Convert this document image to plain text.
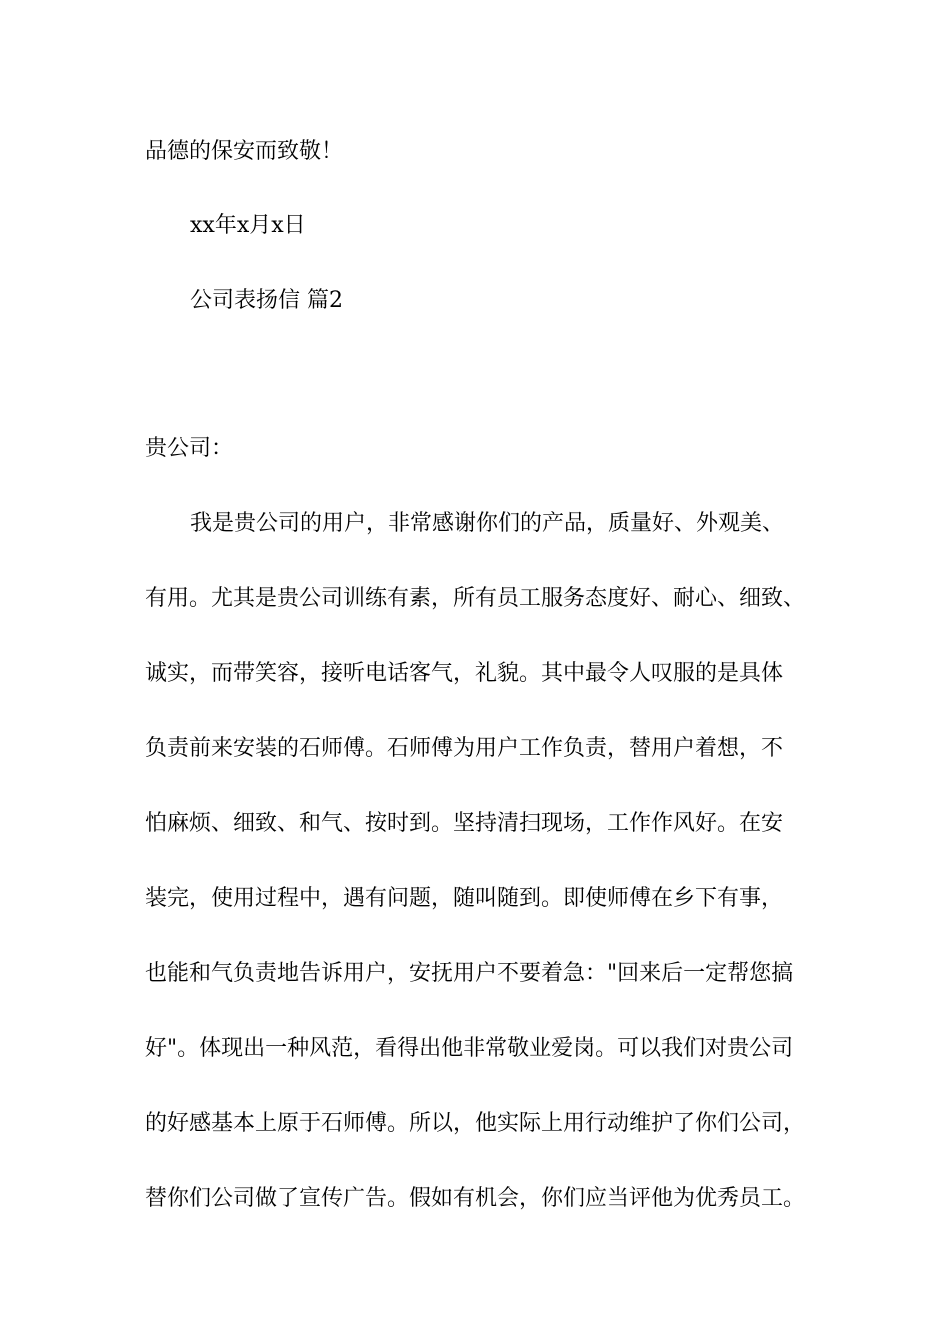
品德的保安而致敬！
xx年x月x日
公司表扬信 篇2
贵公司：
我是贵公司的用户，非常感谢你们的产品，质量好、外观美、
有用。尤其是贵公司训练有素，所有员工服务态度好、耐心、细致、
诚实，而带笑容，接听电话客气，礼貌。其中最令人叹服的是具体
负责前来安装的石师傅。石师傅为用户工作负责，替用户着想，不
怕麻烦、细致、和气、按时到。坚持清扫现场，工作作风好。在安
装完，使用过程中，遇有问题，随叫随到。即使师傅在乡下有事，
也能和气负责地告诉用户，安抚用户不要着急："回来后一定帮您搞
好"。体现出一种风范，看得出他非常敬业爱岗。可以我们对贵公司
的好感基本上原于石师傅。所以，他实际上用行动维护了你们公司，
替你们公司做了宣传广告。假如有机会，你们应当评他为优秀员工。
